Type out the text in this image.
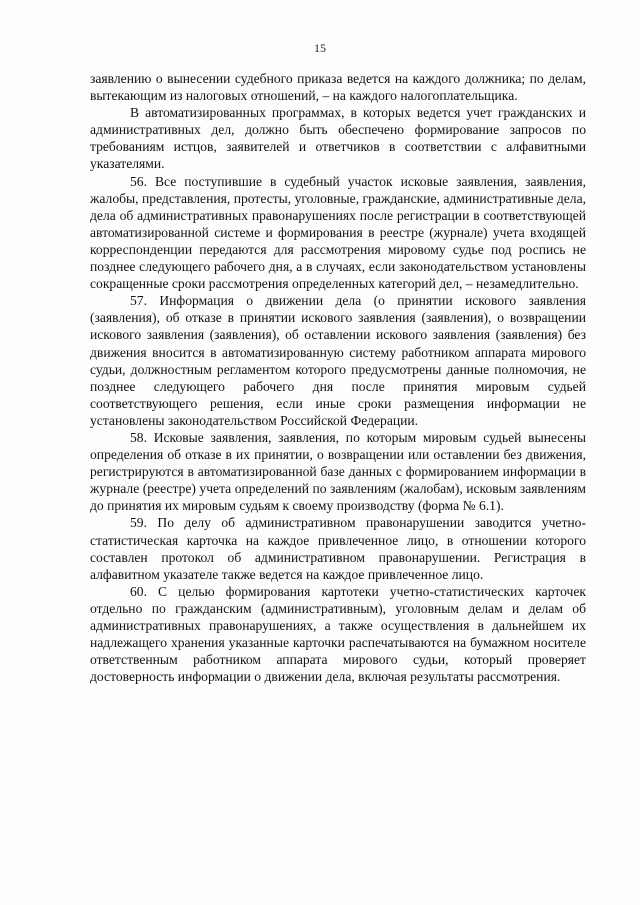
15

заявлению о вынесении судебного приказа ведется на каждого должника; по делам, вытекающим из налоговых отношений, – на каждого налогоплательщика.

В автоматизированных программах, в которых ведется учет гражданских и административных дел, должно быть обеспечено формирование запросов по требованиям истцов, заявителей и ответчиков в соответствии с алфавитными указателями.

56. Все поступившие в судебный участок исковые заявления, заявления, жалобы, представления, протесты, уголовные, гражданские, административные дела, дела об административных правонарушениях после регистрации в соответствующей автоматизированной системе и формирования в реестре (журнале) учета входящей корреспонденции передаются для рассмотрения мировому судье под роспись не позднее следующего рабочего дня, а в случаях, если законодательством установлены сокращенные сроки рассмотрения определенных категорий дел, – незамедлительно.

57. Информация о движении дела (о принятии искового заявления (заявления), об отказе в принятии искового заявления (заявления), о возвращении искового заявления (заявления), об оставлении искового заявления (заявления) без движения вносится в автоматизированную систему работником аппарата мирового судьи, должностным регламентом которого предусмотрены данные полномочия, не позднее следующего рабочего дня после принятия мировым судьей соответствующего решения, если иные сроки размещения информации не установлены законодательством Российской Федерации.

58. Исковые заявления, заявления, по которым мировым судьей вынесены определения об отказе в их принятии, о возвращении или оставлении без движения, регистрируются в автоматизированной базе данных с формированием информации в журнале (реестре) учета определений по заявлениям (жалобам), исковым заявлениям до принятия их мировым судьям к своему производству (форма № 6.1).

59. По делу об административном правонарушении заводится учетно-статистическая карточка на каждое привлеченное лицо, в отношении которого составлен протокол об административном правонарушении. Регистрация в алфавитном указателе также ведется на каждое привлеченное лицо.

60. С целью формирования картотеки учетно-статистических карточек отдельно по гражданским (административным), уголовным делам и делам об административных правонарушениях, а также осуществления в дальнейшем их надлежащего хранения указанные карточки распечатываются на бумажном носителе ответственным работником аппарата мирового судьи, который проверяет достоверность информации о движении дела, включая результаты рассмотрения.
